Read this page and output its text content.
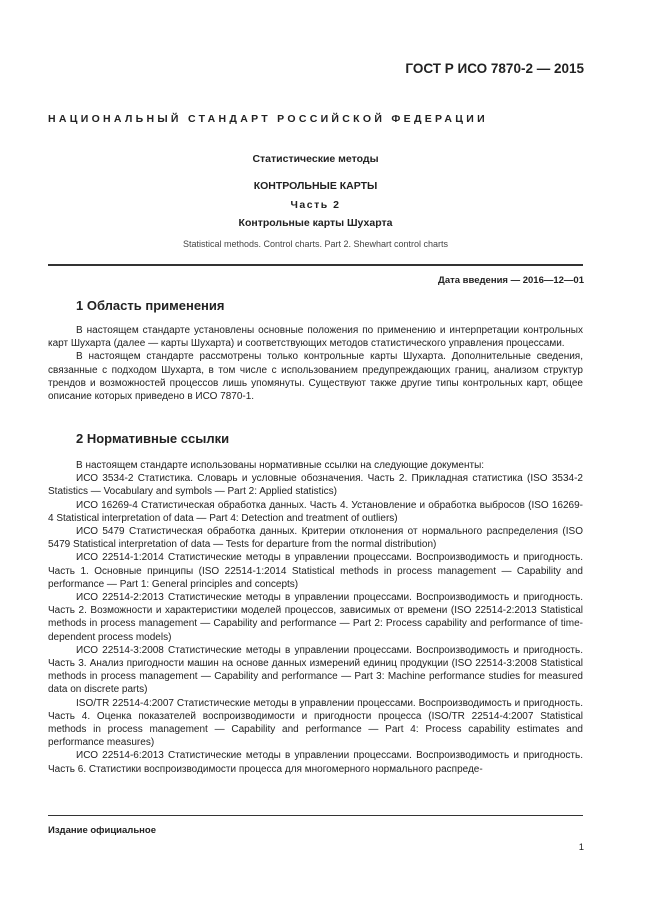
ГОСТ Р ИСО 7870-2 — 2015
НАЦИОНАЛЬНЫЙ СТАНДАРТ РОССИЙСКОЙ ФЕДЕРАЦИИ
Статистические методы
КОНТРОЛЬНЫЕ КАРТЫ
Часть 2
Контрольные карты Шухарта
Statistical methods. Control charts. Part 2. Shewhart control charts
Дата введения — 2016—12—01
1 Область применения

В настоящем стандарте установлены основные положения по применению и интерпретации контрольных карт Шухарта (далее — карты Шухарта) и соответствующих методов статистического управления процессами.

В настоящем стандарте рассмотрены только контрольные карты Шухарта. Дополнительные сведения, связанные с подходом Шухарта, в том числе с использованием предупреждающих границ, анализом структур трендов и возможностей процессов лишь упомянуты. Существуют также другие типы контрольных карт, общее описание которых приведено в ИСО 7870-1.

2 Нормативные ссылки

В настоящем стандарте использованы нормативные ссылки на следующие документы:

ИСО 3534-2 Статистика. Словарь и условные обозначения. Часть 2. Прикладная статистика (ISO 3534-2 Statistics — Vocabulary and symbols — Part 2: Applied statistics)

ИСО 16269-4 Статистическая обработка данных. Часть 4. Установление и обработка выбросов (ISO 16269-4 Statistical interpretation of data — Part 4: Detection and treatment of outliers)

ИСО 5479 Статистическая обработка данных. Критерии отклонения от нормального распределения (ISO 5479 Statistical interpretation of data — Tests for departure from the normal distribution)

ИСО 22514-1:2014 Статистические методы в управлении процессами. Воспроизводимость и пригодность. Часть 1. Основные принципы (ISO 22514-1:2014 Statistical methods in process management — Capability and performance — Part 1: General principles and concepts)

ИСО 22514-2:2013 Статистические методы в управлении процессами. Воспроизводимость и пригодность. Часть 2. Возможности и характеристики моделей процессов, зависимых от времени (ISO 22514-2:2013 Statistical methods in process management — Capability and performance — Part 2: Process capability and performance of time-dependent process models)

ИСО 22514-3:2008 Статистические методы в управлении процессами. Воспроизводимость и пригодность. Часть 3. Анализ пригодности машин на основе данных измерений единиц продукции (ISO 22514-3:2008 Statistical methods in process management — Capability and performance — Part 3: Machine performance studies for measured data on discrete parts)

ISO/TR 22514-4:2007 Статистические методы в управлении процессами. Воспроизводимость и пригодность. Часть 4. Оценка показателей воспроизводимости и пригодности процесса (ISO/TR 22514-4:2007 Statistical methods in process management — Capability and performance — Part 4: Process capability estimates and performance measures)

ИСО 22514-6:2013 Статистические методы в управлении процессами. Воспроизводимость и пригодность. Часть 6. Статистики воспроизводимости процесса для многомерного нормального распреде-

Издание официальное
1
